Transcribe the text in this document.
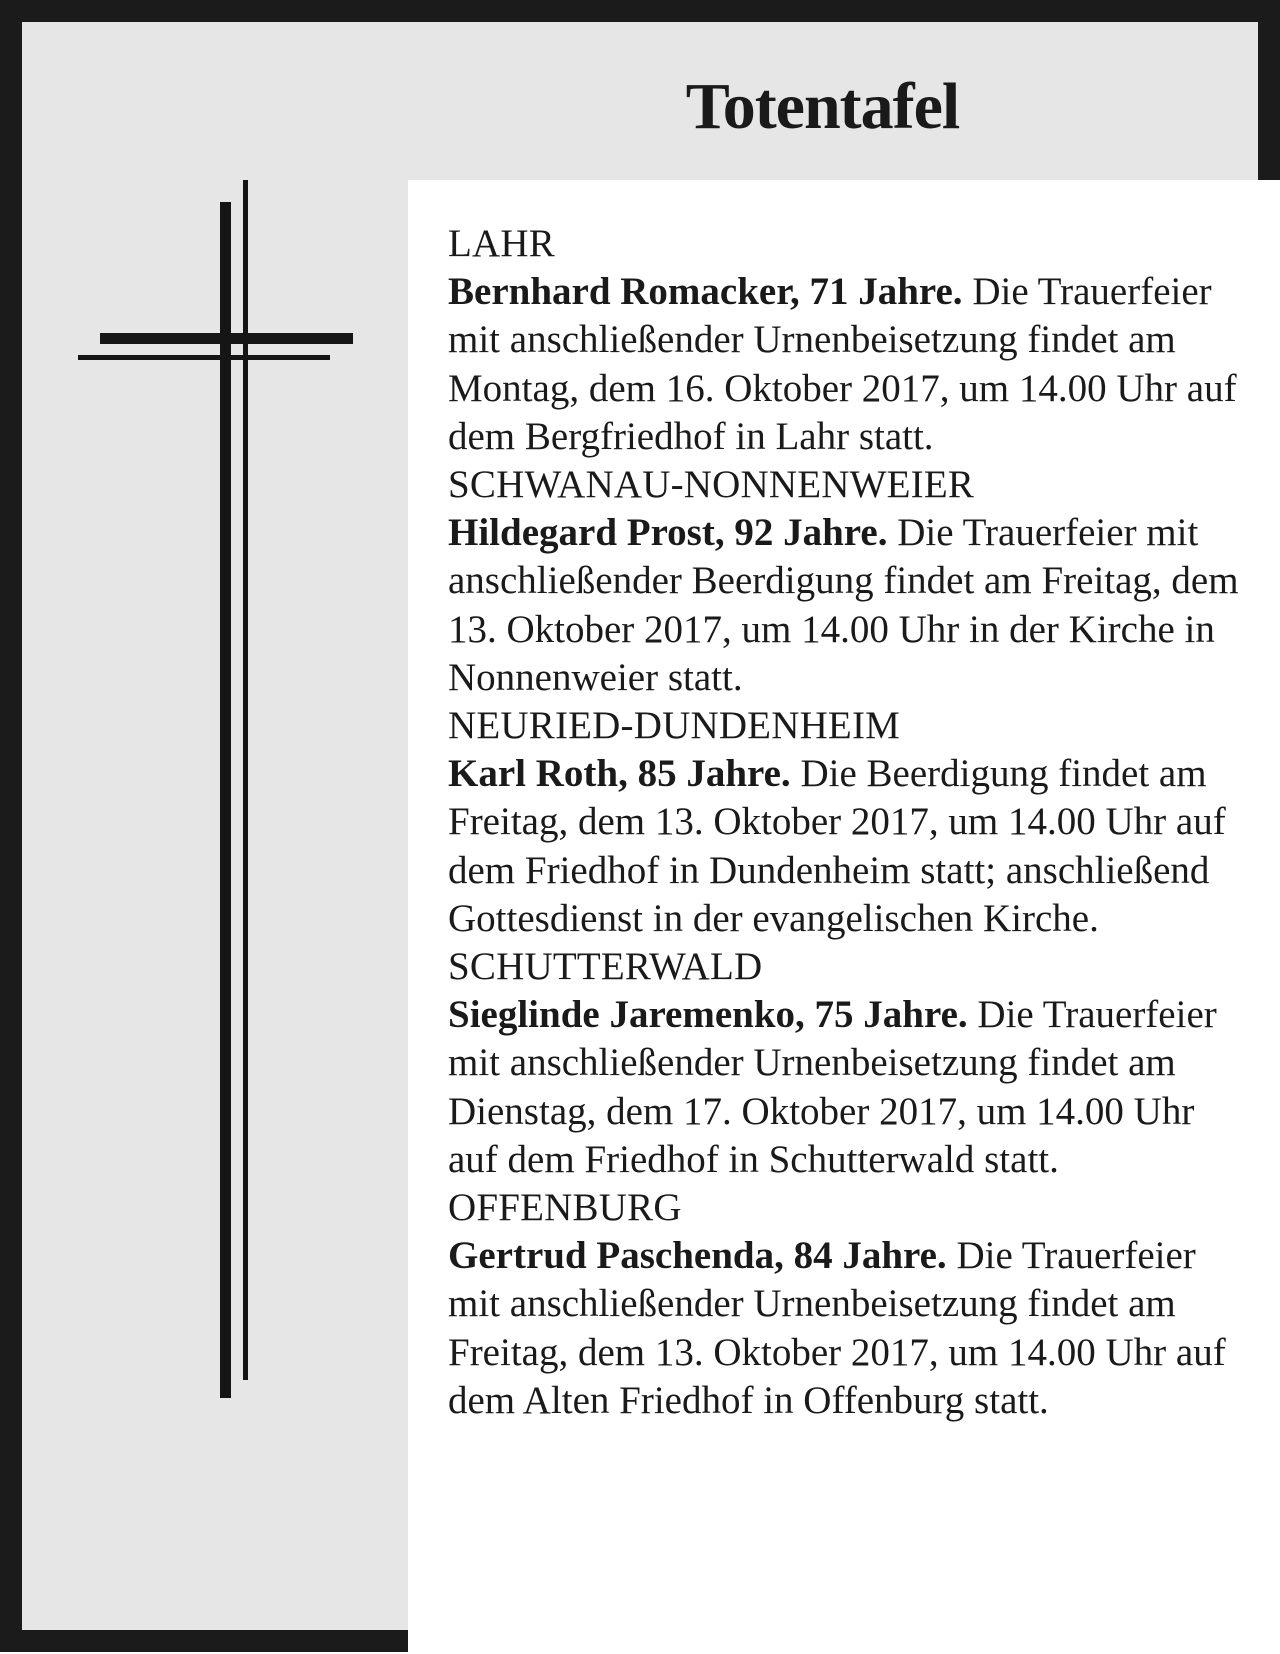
Totentafel
LAHR

Bernhard Romacker, 71 Jahre. Die Trauerfeier mit anschließender Urnenbeisetzung findet am Montag, dem 16. Oktober 2017, um 14.00 Uhr auf dem Bergfriedhof in Lahr statt.

SCHWANAU-NONNENWEIER

Hildegard Prost, 92 Jahre. Die Trauerfeier mit anschließender Beerdigung findet am Freitag, dem 13. Oktober 2017, um 14.00 Uhr in der Kirche in Nonnenweier statt.

NEURIED-DUNDENHEIM

Karl Roth, 85 Jahre. Die Beerdigung findet am Freitag, dem 13. Oktober 2017, um 14.00 Uhr auf dem Friedhof in Dundenheim statt; anschließend Gottesdienst in der evangelischen Kirche.

SCHUTTERWALD

Sieglinde Jaremenko, 75 Jahre. Die Trauerfeier mit anschließender Urnenbeisetzung findet am Dienstag, dem 17. Oktober 2017, um 14.00 Uhr auf dem Friedhof in Schutterwald statt.

OFFENBURG

Gertrud Paschenda, 84 Jahre. Die Trauerfeier mit anschließender Urnenbeisetzung findet am Freitag, dem 13. Oktober 2017, um 14.00 Uhr auf dem Alten Friedhof in Offenburg statt.
